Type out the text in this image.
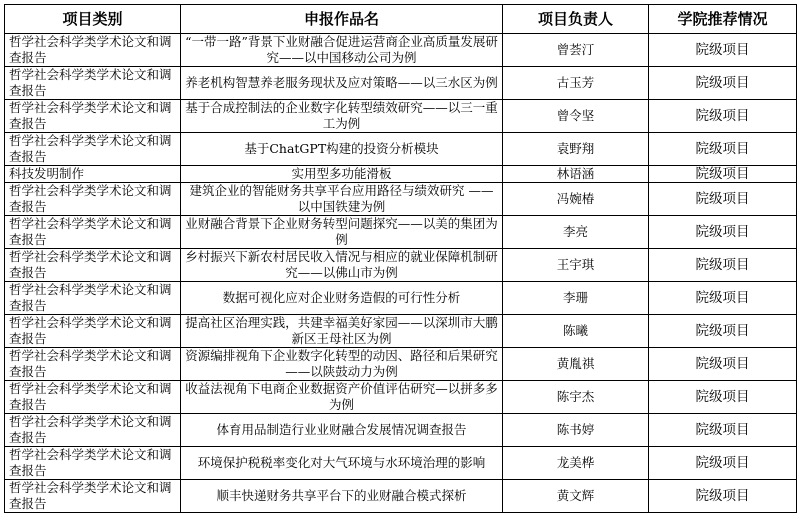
项目类别	申报作品名	项目负责人	学院推荐情况
哲学社会科学类学术论文和调查报告	“一带一路”背景下业财融合促进运营商企业高质量发展研究——以中国移动公司为例	曾荟汀	院级项目
哲学社会科学类学术论文和调查报告	养老机构智慧养老服务现状及应对策略——以三水区为例	古玉芳	院级项目
哲学社会科学类学术论文和调查报告	基于合成控制法的企业数字化转型绩效研究——以三一重工为例	曾令坚	院级项目
哲学社会科学类学术论文和调查报告	基于ChatGPT构建的投资分析模块	袁野翔	院级项目
科技发明制作	实用型多功能滑板	林语涵	院级项目
哲学社会科学类学术论文和调查报告	建筑企业的智能财务共享平台应用路径与绩效研究 ——以中国铁建为例	冯婉椿	院级项目
哲学社会科学类学术论文和调查报告	业财融合背景下企业财务转型问题探究——以美的集团为例	李亮	院级项目
哲学社会科学类学术论文和调查报告	乡村振兴下新农村居民收入情况与相应的就业保障机制研究——以佛山市为例	王宇琪	院级项目
哲学社会科学类学术论文和调查报告	数据可视化应对企业财务造假的可行性分析	李珊	院级项目
哲学社会科学类学术论文和调查报告	提高社区治理实践，共建幸福美好家园——以深圳市大鹏新区王母社区为例	陈曦	院级项目
哲学社会科学类学术论文和调查报告	资源编排视角下企业数字化转型的动因、路径和后果研究——以陕鼓动力为例	黄胤祺	院级项目
哲学社会科学类学术论文和调查报告	收益法视角下电商企业数据资产价值评估研究—以拼多多为例	陈宇杰	院级项目
哲学社会科学类学术论文和调查报告	体育用品制造行业业财融合发展情况调查报告	陈书婷	院级项目
哲学社会科学类学术论文和调查报告	环境保护税税率变化对大气环境与水环境治理的影响	龙美桦	院级项目
哲学社会科学类学术论文和调查报告	顺丰快递财务共享平台下的业财融合模式探析	黄文辉	院级项目
